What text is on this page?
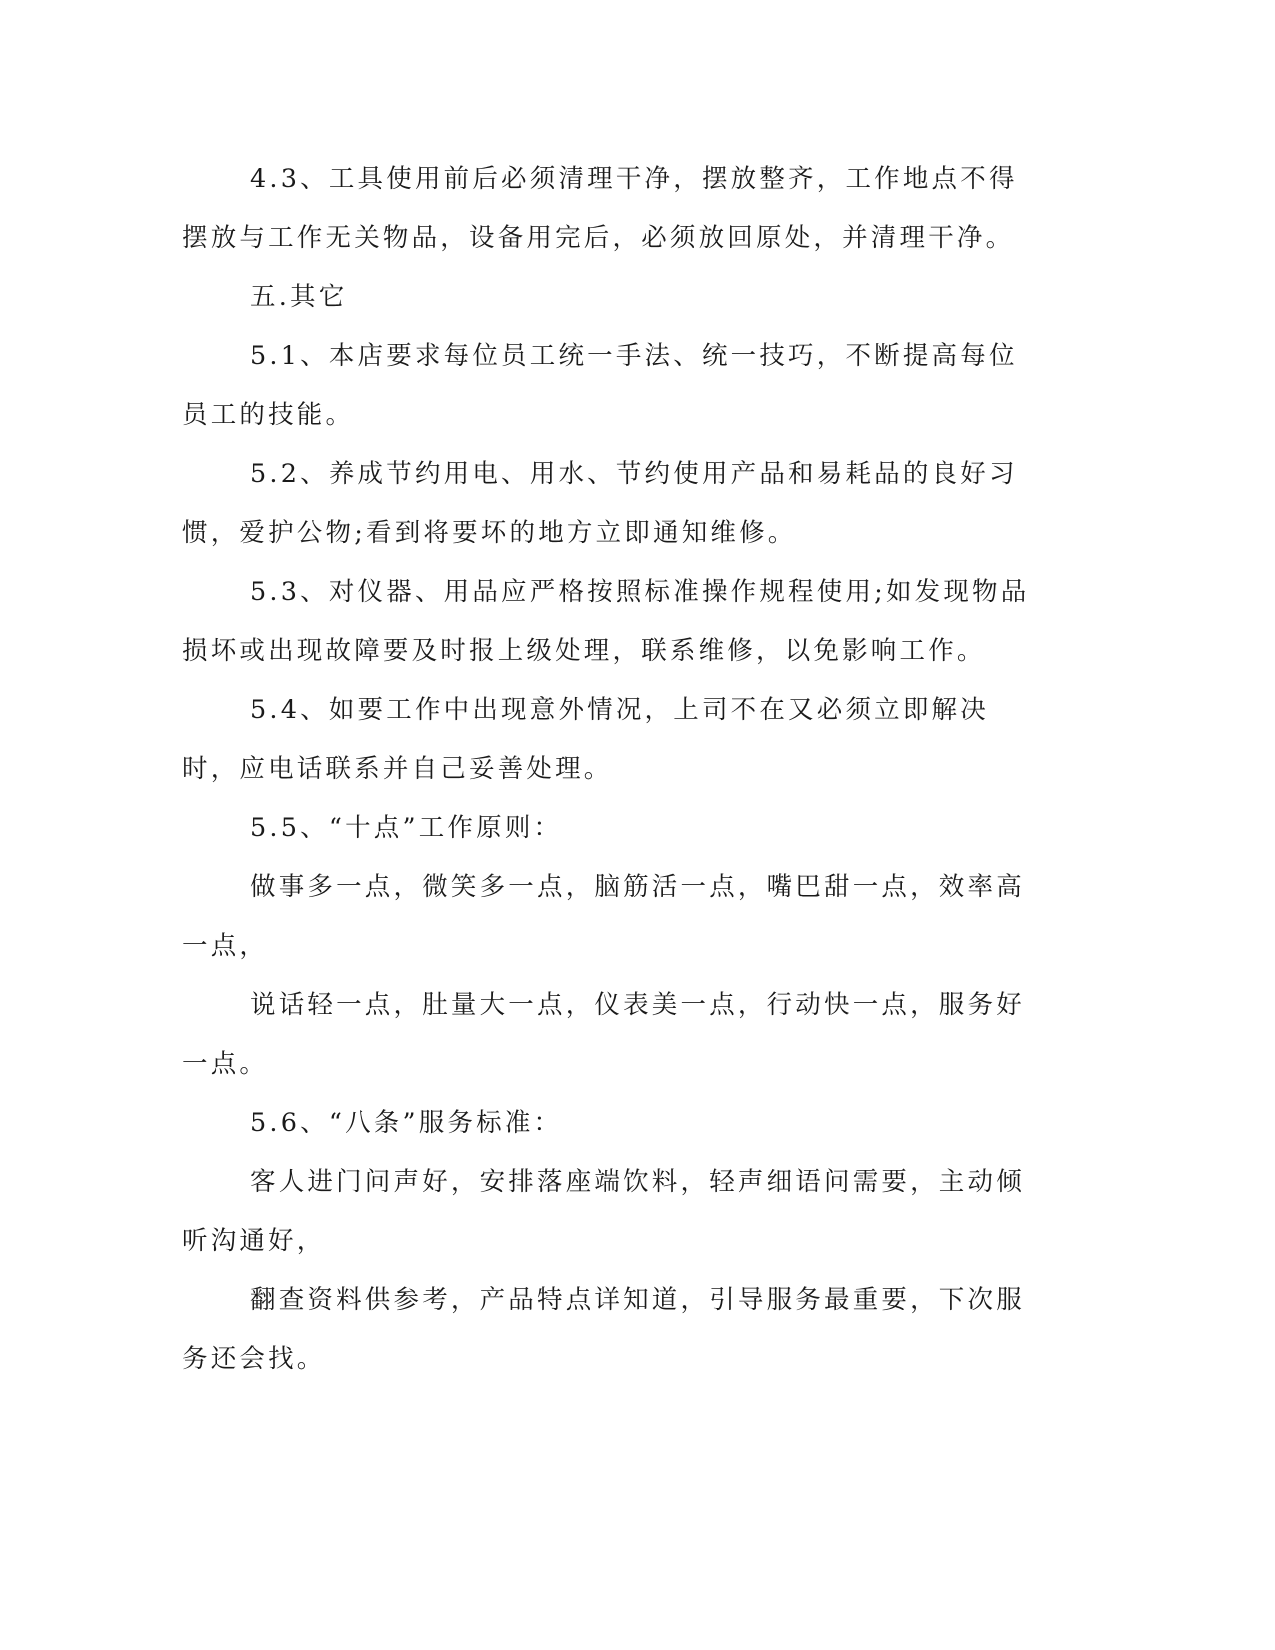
4.3、工具使用前后必须清理干净，摆放整齐，工作地点不得摆放与工作无关物品，设备用完后，必须放回原处，并清理干净。

五.其它

5.1、本店要求每位员工统一手法、统一技巧，不断提高每位员工的技能。

5.2、养成节约用电、用水、节约使用产品和易耗品的良好习惯，爱护公物;看到将要坏的地方立即通知维修。

5.3、对仪器、用品应严格按照标准操作规程使用;如发现物品损坏或出现故障要及时报上级处理，联系维修，以免影响工作。

5.4、如要工作中出现意外情况，上司不在又必须立即解决时，应电话联系并自己妥善处理。

5.5、“十点”工作原则：

做事多一点，微笑多一点，脑筋活一点，嘴巴甜一点，效率高一点，

说话轻一点，肚量大一点，仪表美一点，行动快一点，服务好一点。

5.6、“八条”服务标准：

客人进门问声好，安排落座端饮料，轻声细语问需要，主动倾听沟通好，

翻查资料供参考，产品特点详知道，引导服务最重要，下次服务还会找。
